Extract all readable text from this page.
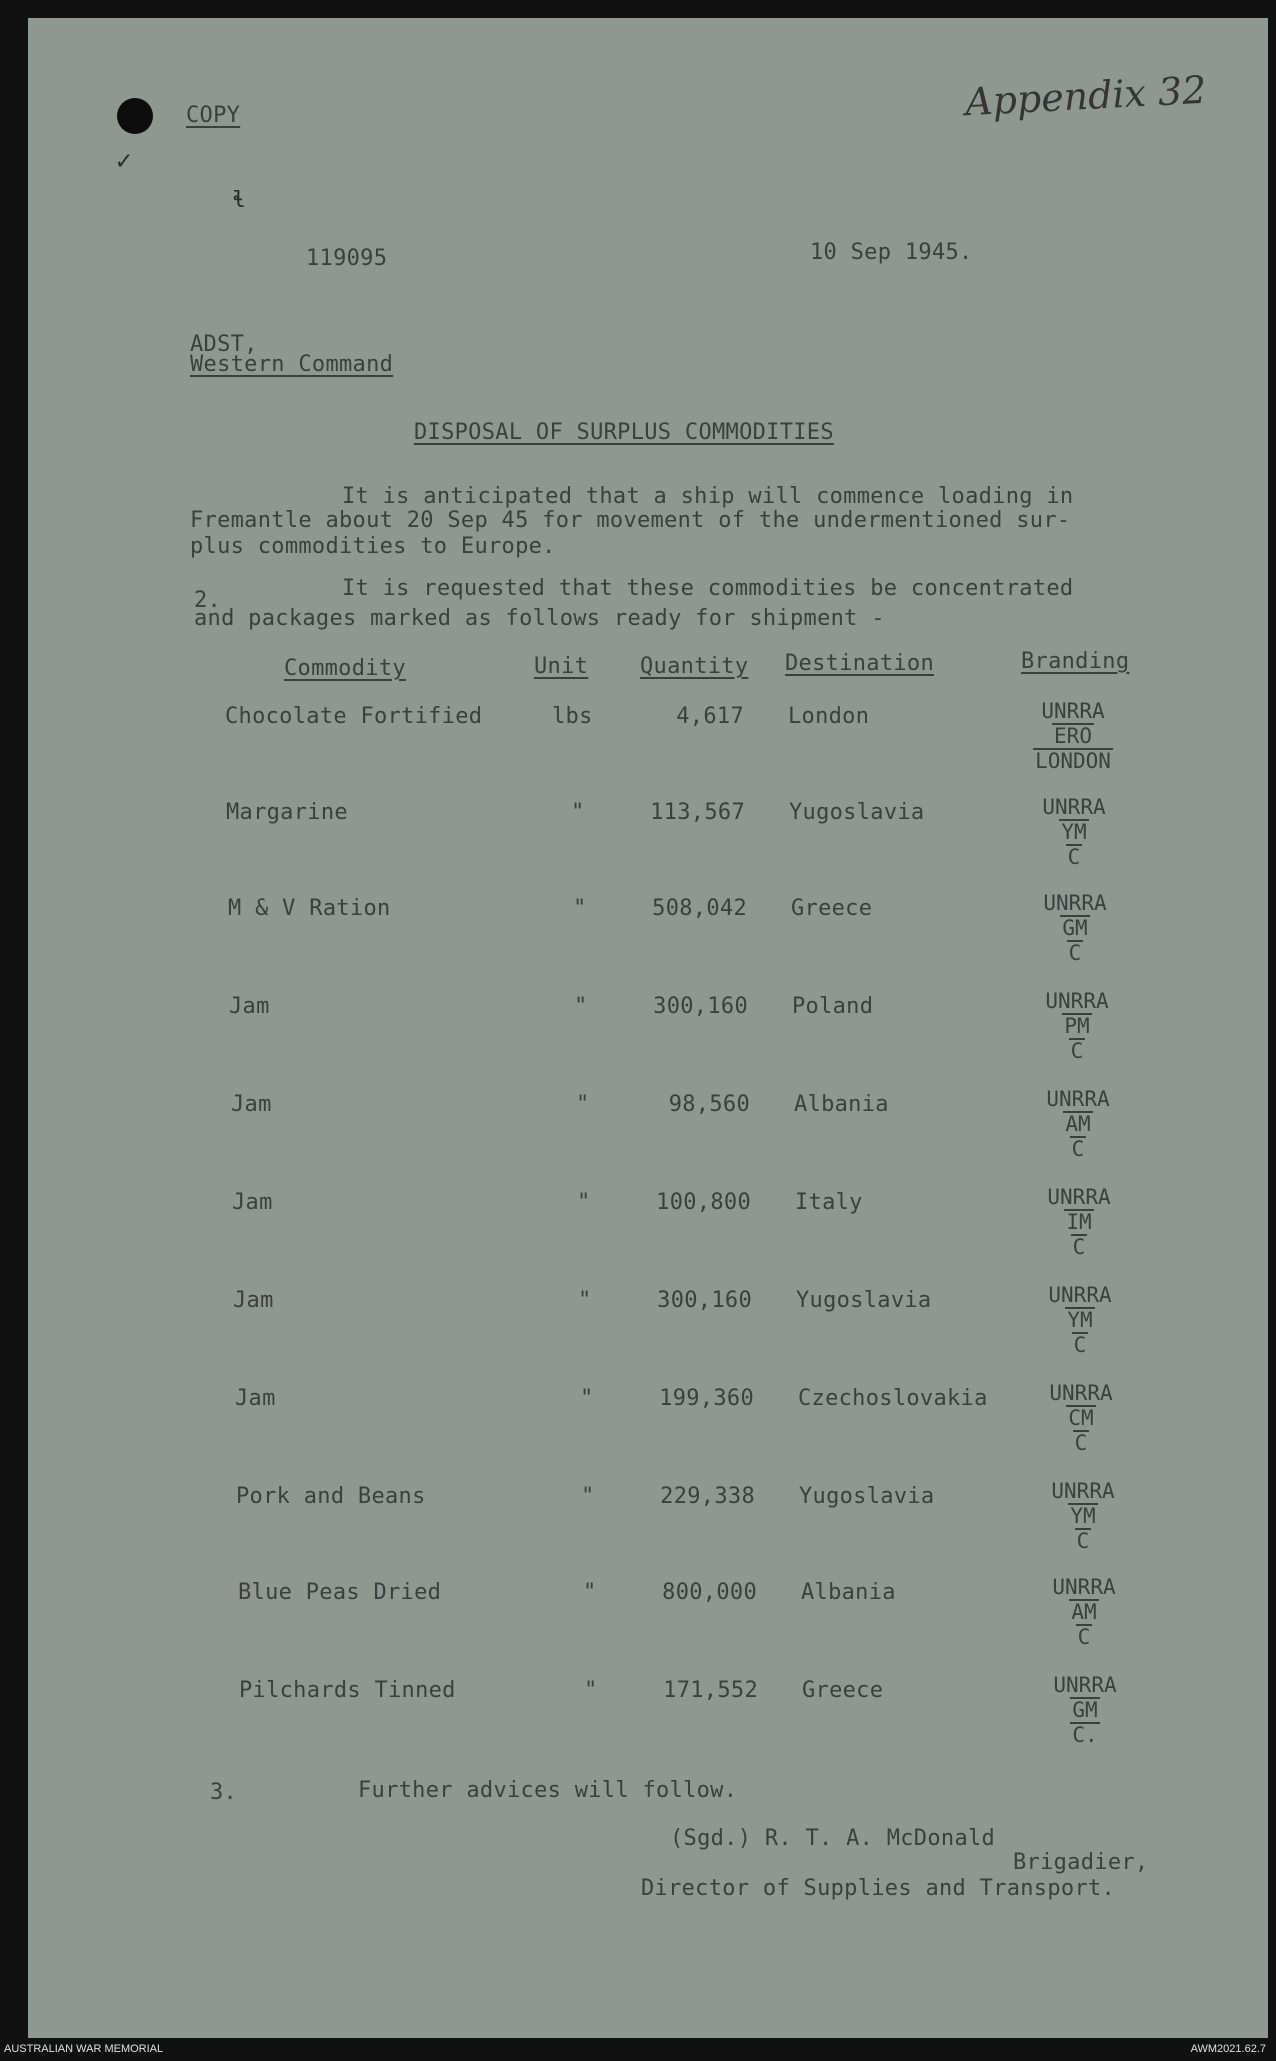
✓
ɬ
COPY	Appendix 32
119095	10 Sep 1945.
ADST,
Western Command
DISPOSAL OF SURPLUS COMMODITIES
It is anticipated that a ship will commence loading in
Fremantle about 20 Sep 45 for movement of the undermentioned sur-
plus commodities to Europe.
2.	It is requested that these commodities be concentrated
and packages marked as follows ready for shipment -
Commodity	Unit Quantity Destination	Branding
Chocolate Fortified	lbs	4,617 London	UNRRA
ERO
LONDON
Margarine	"	113,567 Yugoslavia	UNRRA
YM
C
M & V Ration	"	508,042 Greece	UNRRA
GM
C
Jam	"	300,160 Poland	UNRRA
PM
C
Jam	"	98,560 Albania	UNRRA
AM
C
Jam	"	100,800 Italy	UNRRA
IM
C
Jam	"	300,160 Yugoslavia	UNRRA
YM
C
Jam	"	199,360 Czechoslovakia	UNRRA
CM
C
Pork and Beans	"	229,338 Yugoslavia	UNRRA
YM
C
Blue Peas Dried	"	800,000 Albania	UNRRA
AM
C
Pilchards Tinned	"	171,552 Greece	UNRRA
GM
C.
3.	Further advices will follow.
(Sgd.) R. T. A. McDonald
Brigadier,
Director of Supplies and Transport.
AUSTRALIAN WAR MEMORIAL	AWM2021.62.7
